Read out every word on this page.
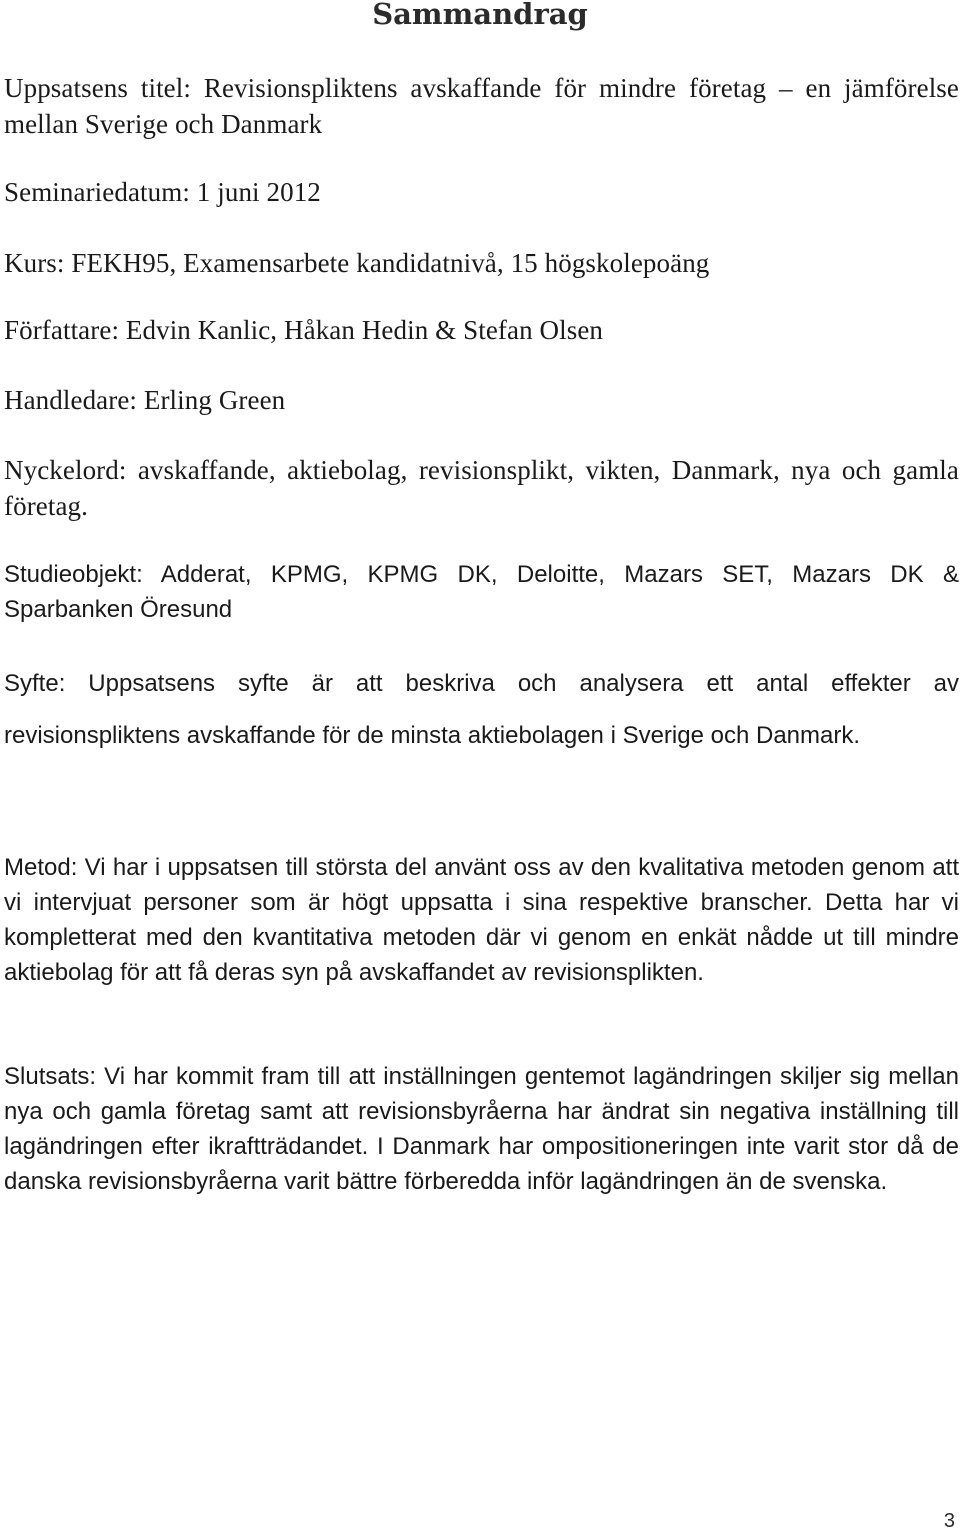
Sammandrag

Uppsatsens titel: Revisionspliktens avskaffande för mindre företag – en jämförelse mellan Sverige och Danmark

Seminariedatum: 1 juni 2012

Kurs: FEKH95, Examensarbete kandidatnivå, 15 högskolepoäng

Författare: Edvin Kanlic, Håkan Hedin & Stefan Olsen

Handledare: Erling Green

Nyckelord: avskaffande, aktiebolag, revisionsplikt, vikten, Danmark, nya och gamla företag.

Studieobjekt: Adderat, KPMG, KPMG DK, Deloitte, Mazars SET, Mazars DK & Sparbanken Öresund

Syfte: Uppsatsens syfte är att beskriva och analysera ett antal effekter av revisionspliktens avskaffande för de minsta aktiebolagen i Sverige och Danmark.

Metod: Vi har i uppsatsen till största del använt oss av den kvalitativa metoden genom att vi intervjuat personer som är högt uppsatta i sina respektive branscher. Detta har vi kompletterat med den kvantitativa metoden där vi genom en enkät nådde ut till mindre aktiebolag för att få deras syn på avskaffandet av revisionsplikten.

Slutsats: Vi har kommit fram till att inställningen gentemot lagändringen skiljer sig mellan nya och gamla företag samt att revisionsbyråerna har ändrat sin negativa inställning till lagändringen efter ikraftträdandet. I Danmark har ompositioneringen inte varit stor då de danska revisionsbyråerna varit bättre förberedda inför lagändringen än de svenska.

3
